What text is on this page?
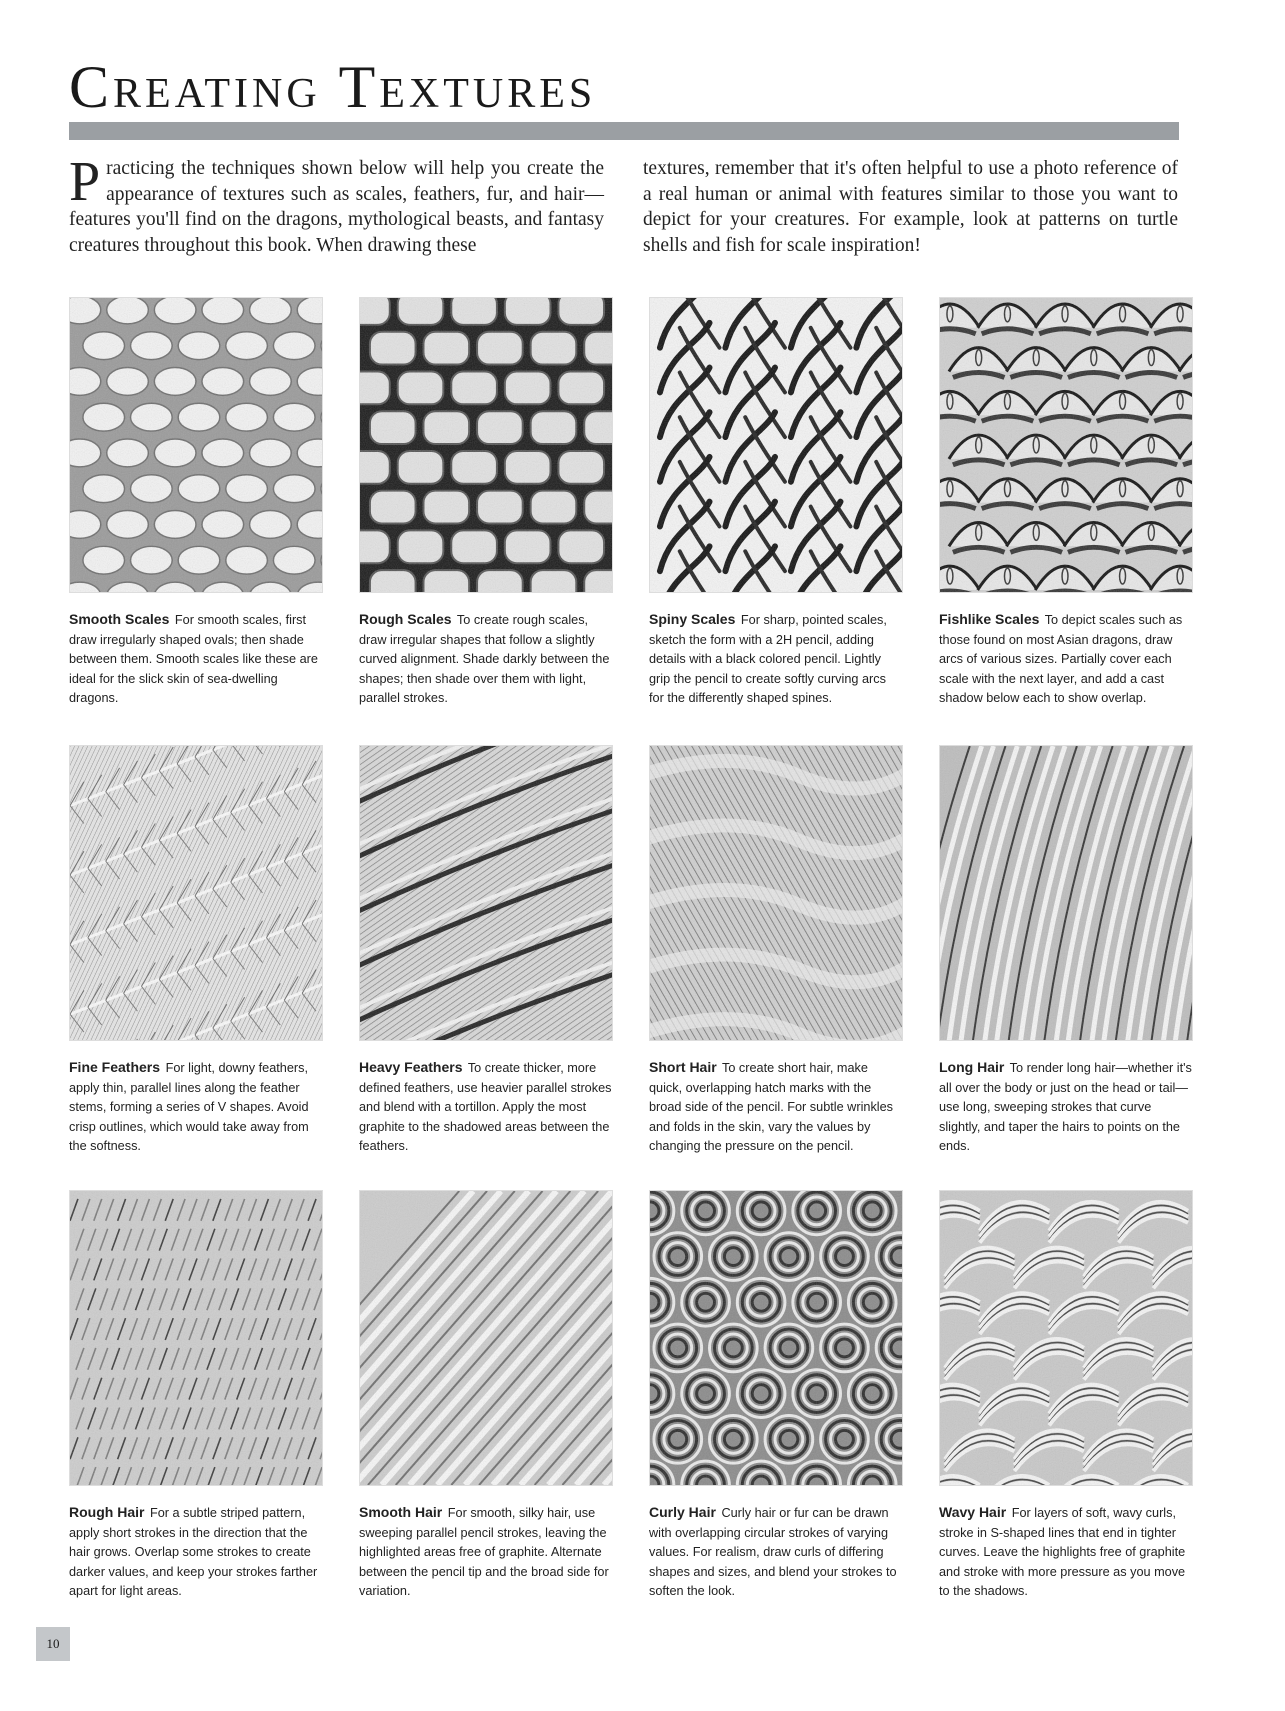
Creating Textures

Practicing the techniques shown below will help you create the appearance of textures such as scales, feathers, fur, and hair—features you'll find on the dragons, mythological beasts, and fantasy creatures throughout this book. When drawing these

textures, remember that it's often helpful to use a photo reference of a real human or animal with features similar to those you want to depict for your creatures. For example, look at patterns on turtle shells and fish for scale inspiration!

Smooth Scales For smooth scales, first draw irregularly shaped ovals; then shade between them. Smooth scales like these are ideal for the slick skin of sea-dwelling dragons.
Rough Scales To create rough scales, draw irregular shapes that follow a slightly curved alignment. Shade darkly between the shapes; then shade over them with light, parallel strokes.
Spiny Scales For sharp, pointed scales, sketch the form with a 2H pencil, adding details with a black colored pencil. Lightly grip the pencil to create softly curving arcs for the differently shaped spines.
Fishlike Scales To depict scales such as those found on most Asian dragons, draw arcs of various sizes. Partially cover each scale with the next layer, and add a cast shadow below each to show overlap.
Fine Feathers For light, downy feathers, apply thin, parallel lines along the feather stems, forming a series of V shapes. Avoid crisp outlines, which would take away from the softness.
Heavy Feathers To create thicker, more defined feathers, use heavier parallel strokes and blend with a tortillon. Apply the most graphite to the shadowed areas between the feathers.
Short Hair To create short hair, make quick, overlapping hatch marks with the broad side of the pencil. For subtle wrinkles and folds in the skin, vary the values by changing the pressure on the pencil.
Long Hair To render long hair—whether it's all over the body or just on the head or tail—use long, sweeping strokes that curve slightly, and taper the hairs to points on the ends.
Rough Hair For a subtle striped pattern, apply short strokes in the direction that the hair grows. Overlap some strokes to create darker values, and keep your strokes farther apart for light areas.
Smooth Hair For smooth, silky hair, use sweeping parallel pencil strokes, leaving the highlighted areas free of graphite. Alternate between the pencil tip and the broad side for variation.
Curly Hair Curly hair or fur can be drawn with overlapping circular strokes of varying values. For realism, draw curls of differing shapes and sizes, and blend your strokes to soften the look.
Wavy Hair For layers of soft, wavy curls, stroke in S-shaped lines that end in tighter curves. Leave the highlights free of graphite and stroke with more pressure as you move to the shadows.
10
